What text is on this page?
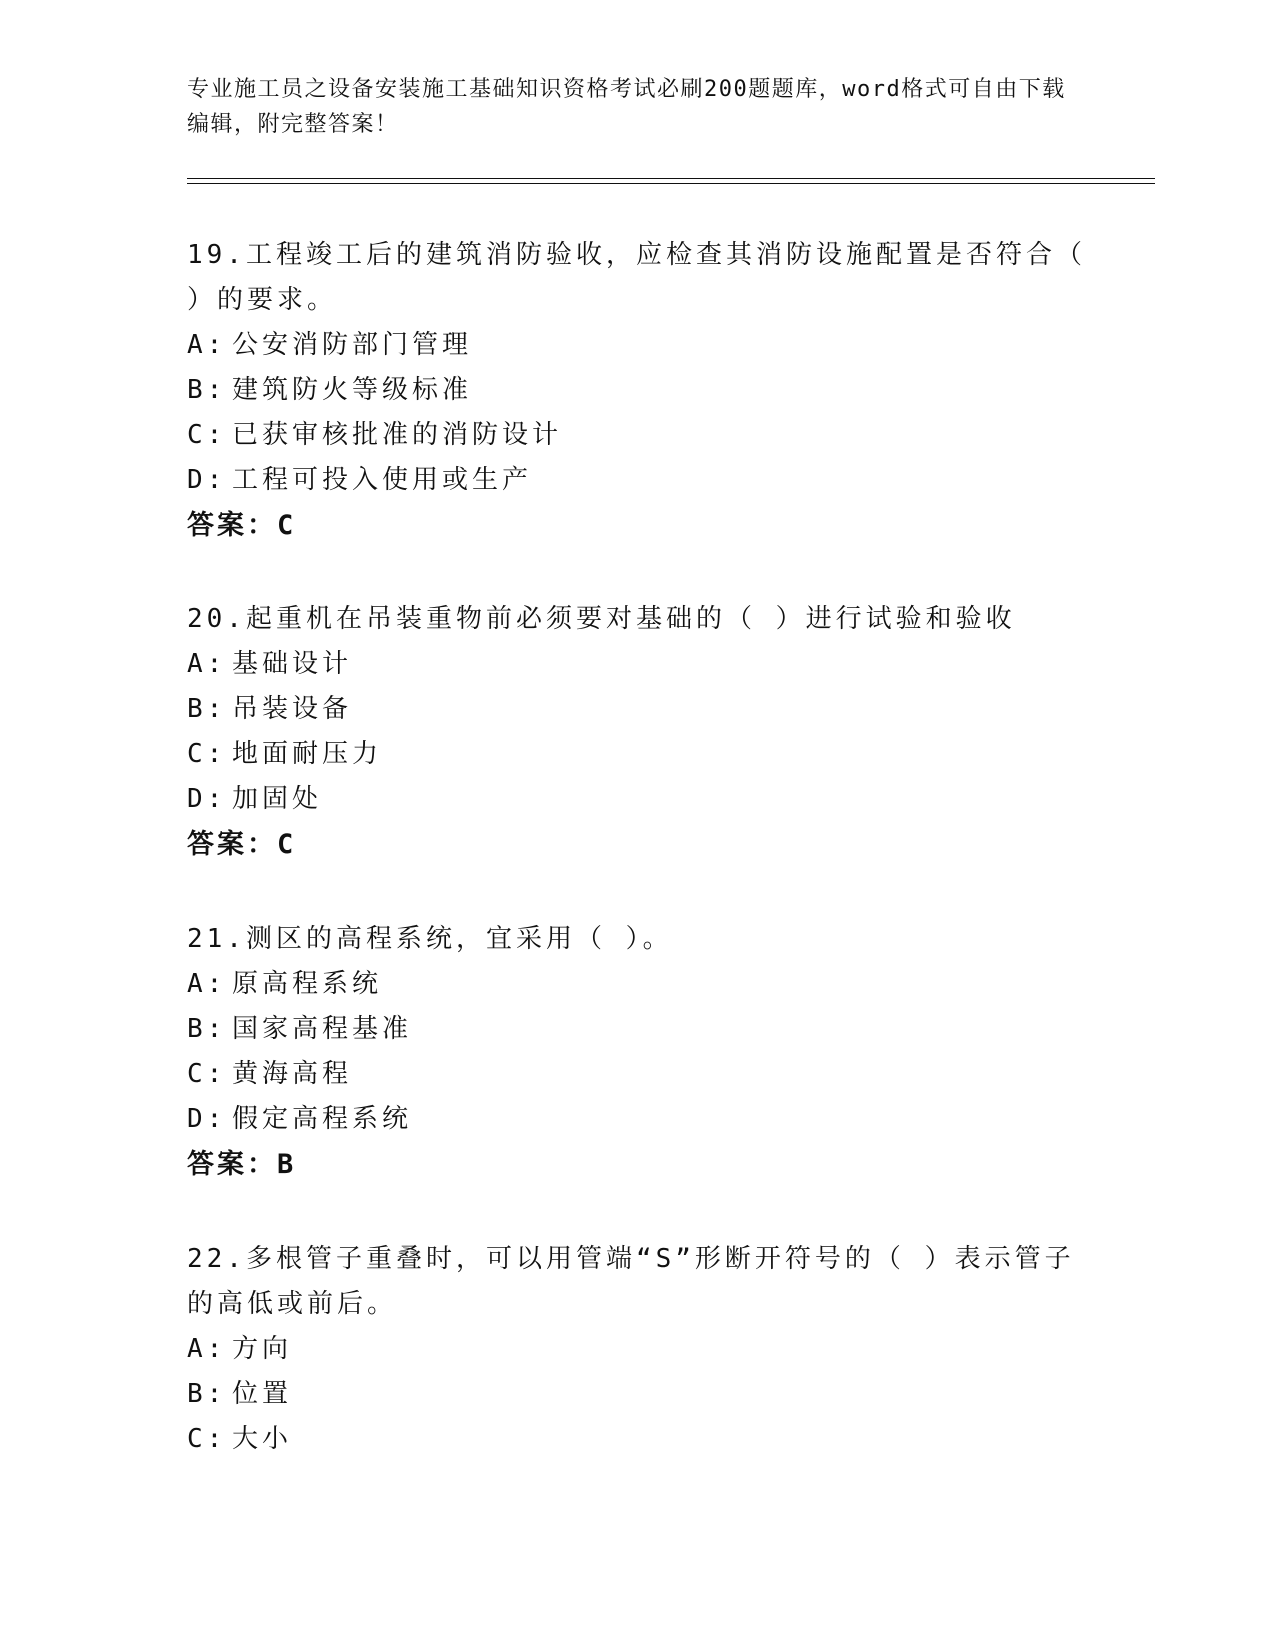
专业施工员之设备安装施工基础知识资格考试必刷200题题库，word格式可自由下载编辑，附完整答案！

19.工程竣工后的建筑消防验收，应检查其消防设施配置是否符合（ ）的要求。

A: 公安消防部门管理

B: 建筑防火等级标准

C: 已获审核批准的消防设计

D: 工程可投入使用或生产

答案：C

20.起重机在吊装重物前必须要对基础的（ ）进行试验和验收

A: 基础设计

B: 吊装设备

C: 地面耐压力

D: 加固处

答案：C

21.测区的高程系统，宜采用（ ）。

A: 原高程系统

B: 国家高程基准

C: 黄海高程

D: 假定高程系统

答案：B

22.多根管子重叠时，可以用管端“S”形断开符号的（ ）表示管子的高低或前后。

A: 方向

B: 位置

C: 大小
